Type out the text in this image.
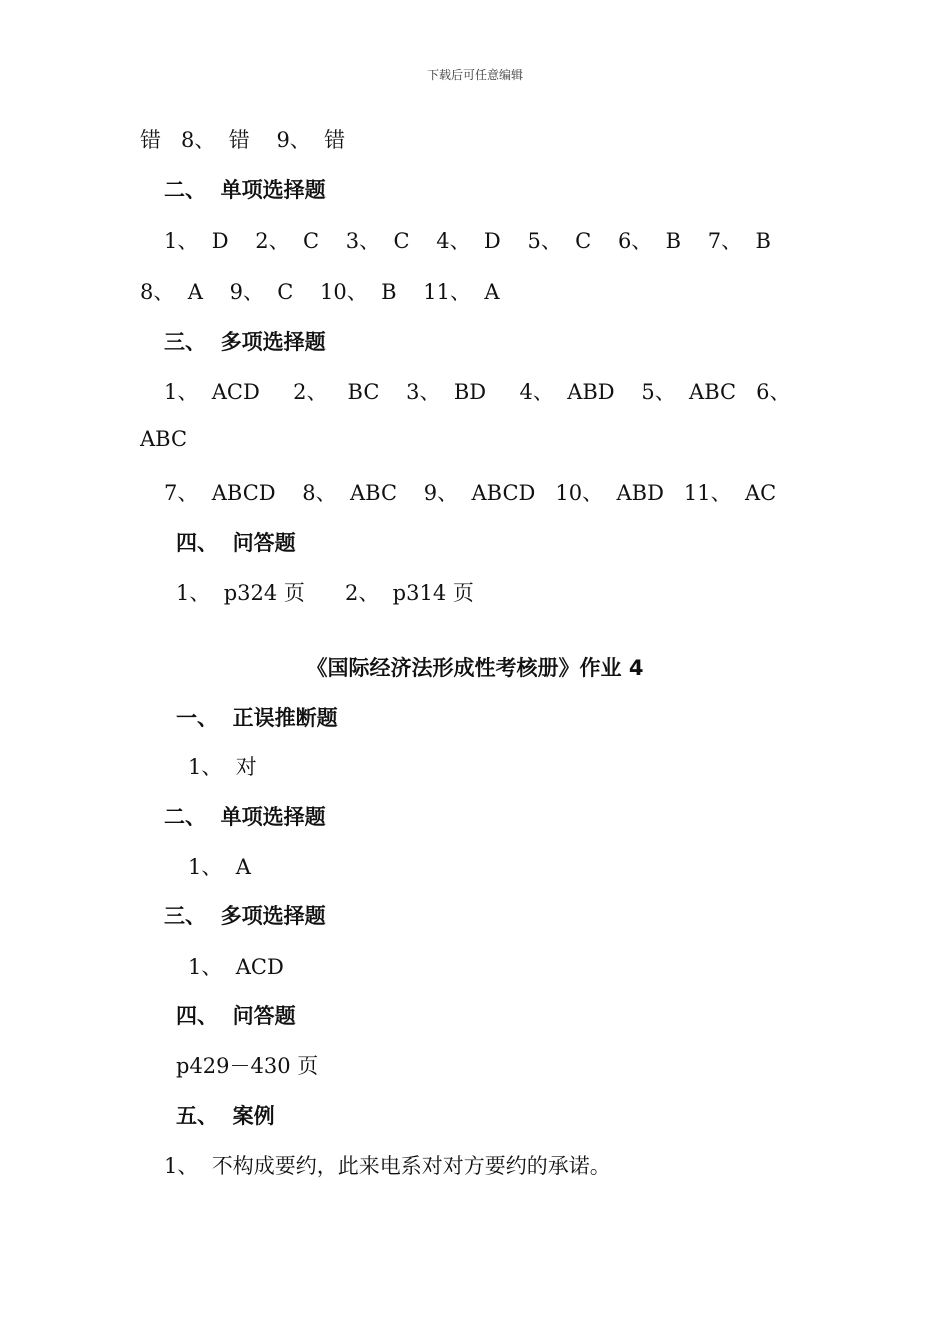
下载后可任意编辑
错   8、  错    9、  错
二、  单项选择题
1、  D    2、  C    3、  C    4、  D    5、  C    6、  B    7、  B
8、  A    9、  C    10、  B    11、  A
三、  多项选择题
1、  ACD     2、   BC    3、  BD     4、  ABD    5、  ABC   6、
ABC
7、  ABCD    8、  ABC    9、  ABCD   10、  ABD   11、  AC
四、  问答题
1、  p324 页      2、  p314 页
《国际经济法形成性考核册》作业 4
一、  正误推断题
1、  对
二、  单项选择题
1、  A
三、  多项选择题
1、  ACD
四、  问答题
p429－430 页
五、  案例
1、  不构成要约，此来电系对对方要约的承诺。
